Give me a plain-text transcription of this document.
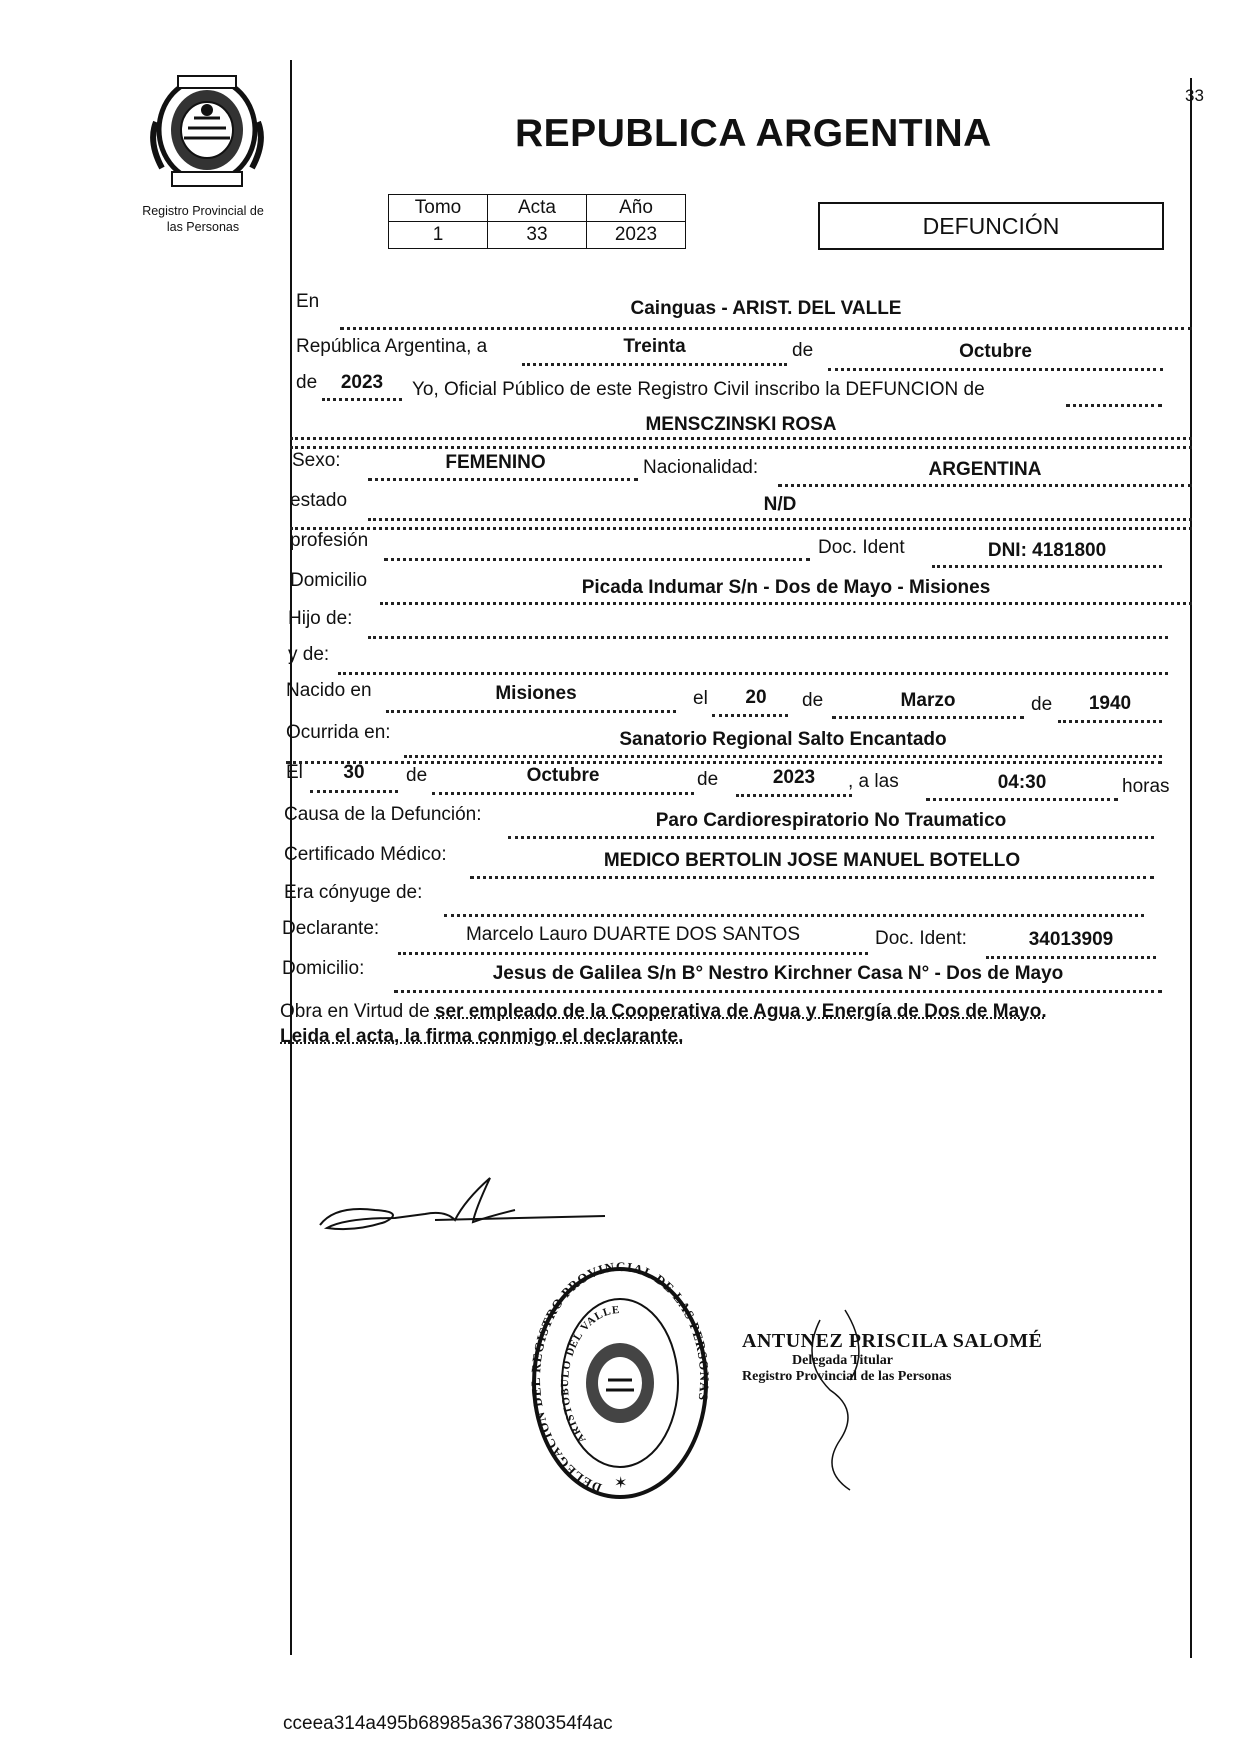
Registro Provincial de
las Personas
REPUBLICA ARGENTINA
33
Tomo	Acta	Año
1	33	2023	DEFUNCIÓN
En	Cainguas - ARIST. DEL VALLE
República Argentina, a	Treinta	de	Octubre
de	2023	Yo, Oficial Público de este Registro Civil inscribo la DEFUNCION de
MENSCZINSKI ROSA
Sexo:	FEMENINO	Nacionalidad:	ARGENTINA
estado	N/D
profesión	Doc. Ident	DNI: 4181800
Domicilio	Picada Indumar S/n - Dos de Mayo - Misiones
Hijo de:
y de:
Nacido en	Misiones	el	20	de	Marzo	de	1940
Ocurrida en:	Sanatorio Regional Salto Encantado
El	30	de	Octubre	de	2023	, a las	04:30	horas
Causa de la Defunción:	Paro Cardiorespiratorio No Traumatico
Certificado Médico:	MEDICO BERTOLIN JOSE MANUEL BOTELLO
Era cónyuge de:
Declarante:	Marcelo Lauro DUARTE DOS SANTOS	Doc. Ident:	34013909
Domicilio:	Jesus de Galilea S/n B° Nestro Kirchner Casa N° - Dos de Mayo
Obra en Virtud de ser empleado de la Cooperativa de Agua y Energía de Dos de Mayo.
Leida el acta, la firma conmigo el declarante.
DELEGACION DEL REGISTRO PROVINCIAL DE LAS PERSONAS
ARISTOBULO DEL VALLE
✶
ANTUNEZ PRISCILA SALOMÉ
Delegada Titular
Registro Provincial de las Personas
cceea314a495b68985a367380354f4ac
